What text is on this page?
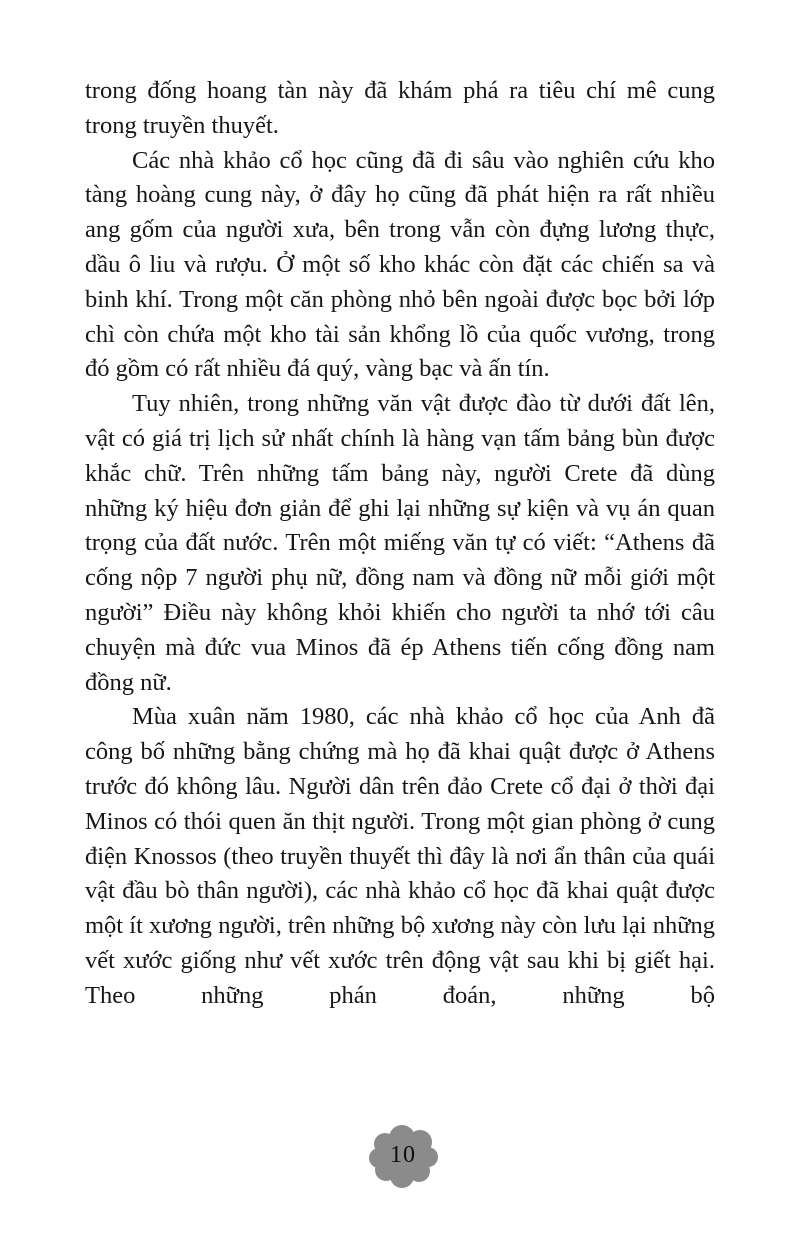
trong đống hoang tàn này đã khám phá ra tiêu chí mê cung trong truyền thuyết.

Các nhà khảo cổ học cũng đã đi sâu vào nghiên cứu kho tàng hoàng cung này, ở đây họ cũng đã phát hiện ra rất nhiều ang gốm của người xưa, bên trong vẫn còn đựng lương thực, dầu ô liu và rượu. Ở một số kho khác còn đặt các chiến sa và binh khí. Trong một căn phòng nhỏ bên ngoài được bọc bởi lớp chì còn chứa một kho tài sản khổng lồ của quốc vương, trong đó gồm có rất nhiều đá quý, vàng bạc và ấn tín.

Tuy nhiên, trong những văn vật được đào từ dưới đất lên, vật có giá trị lịch sử nhất chính là hàng vạn tấm bảng bùn được khắc chữ. Trên những tấm bảng này, người Crete đã dùng những ký hiệu đơn giản để ghi lại những sự kiện và vụ án quan trọng của đất nước. Trên một miếng văn tự có viết: “Athens đã cống nộp 7 người phụ nữ, đồng nam và đồng nữ mỗi giới một người” Điều này không khỏi khiến cho người ta nhớ tới câu chuyện mà đức vua Minos đã ép Athens tiến cống đồng nam đồng nữ.

Mùa xuân năm 1980, các nhà khảo cổ học của Anh đã công bố những bằng chứng mà họ đã khai quật được ở Athens trước đó không lâu. Người dân trên đảo Crete cổ đại ở thời đại Minos có thói quen ăn thịt người. Trong một gian phòng ở cung điện Knossos (theo truyền thuyết thì đây là nơi ẩn thân của quái vật đầu bò thân người), các nhà khảo cổ học đã khai quật được một ít xương người, trên những bộ xương này còn lưu lại những vết xước giống như vết xước trên động vật sau khi bị giết hại. Theo những phán đoán, những bộ

10
